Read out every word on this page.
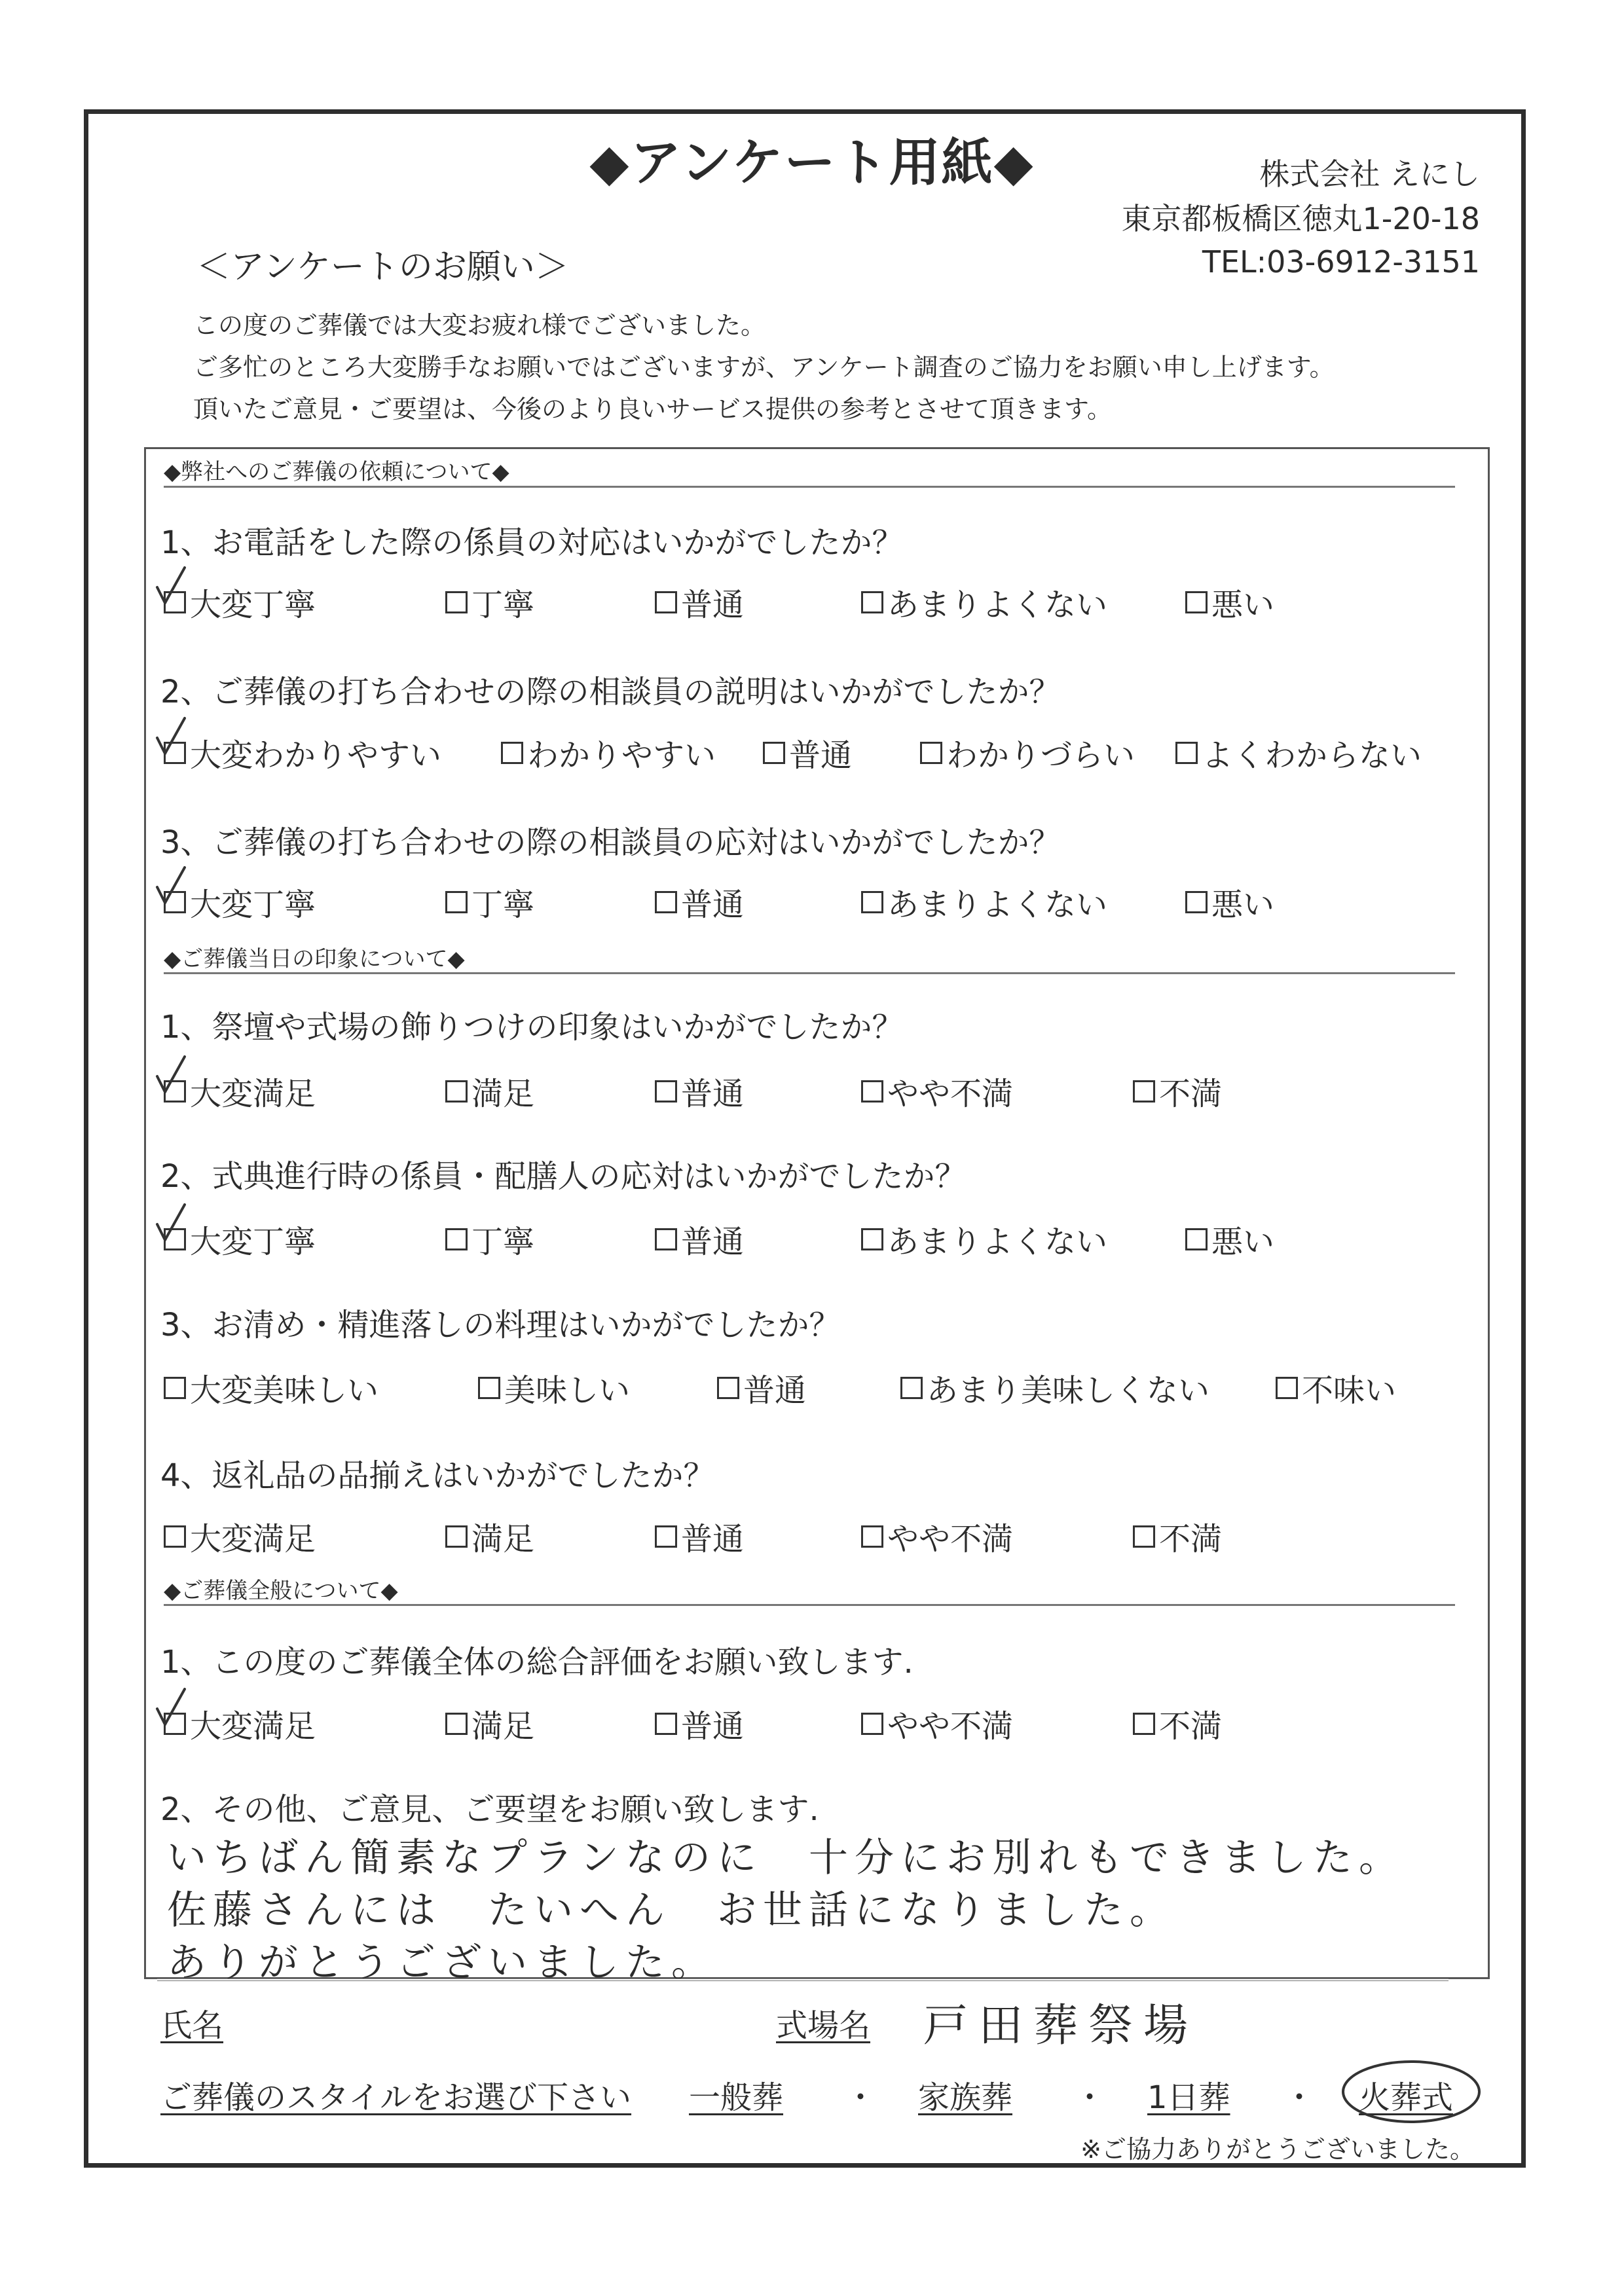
◆アンケート用紙◆	株式会社 えにし
東京都板橋区徳丸1-20-18
TEL:03-6912-3151
＜アンケートのお願い＞
この度のご葬儀では大変お疲れ様でございました。
ご多忙のところ大変勝手なお願いではございますが、アンケート調査のご協力をお願い申し上げます。
頂いたご意見・ご要望は、今後のより良いサービス提供の参考とさせて頂きます。
◆弊社へのご葬儀の依頼について◆
◆ご葬儀当日の印象について◆
◆ご葬儀全般について◆
1、お電話をした際の係員の対応はいかがでしたか？
大変丁寧	丁寧	普通	あまりよくない	悪い
2、ご葬儀の打ち合わせの際の相談員の説明はいかがでしたか？
大変わかりやすい	わかりやすい 普通	わかりづらい よくわからない
3、ご葬儀の打ち合わせの際の相談員の応対はいかがでしたか？
大変丁寧	丁寧	普通	あまりよくない	悪い
1、祭壇や式場の飾りつけの印象はいかがでしたか？
大変満足	満足	普通	やや不満	不満
2、式典進行時の係員・配膳人の応対はいかがでしたか？
大変丁寧	丁寧	普通	あまりよくない	悪い
3、お清め・精進落しの料理はいかがでしたか？
大変美味しい	美味しい	普通	あまり美味しくない	不味い
4、返礼品の品揃えはいかがでしたか？
大変満足	満足	普通	やや不満	不満
1、この度のご葬儀全体の総合評価をお願い致します.
大変満足	満足	普通	やや不満	不満
2、その他、ご意見、ご要望をお願い致します.
いちばん簡素なプランなのに　十分にお別れもできました。
佐藤さんには　たいへん　お世話になりました。
ありがとうございました。
氏名	式場名 戸田葬祭場
ご葬儀のスタイルをお選び下さい 一般葬 ・ 家族葬 ・ 1日葬 ・ 火葬式
※ご協力ありがとうございました。
